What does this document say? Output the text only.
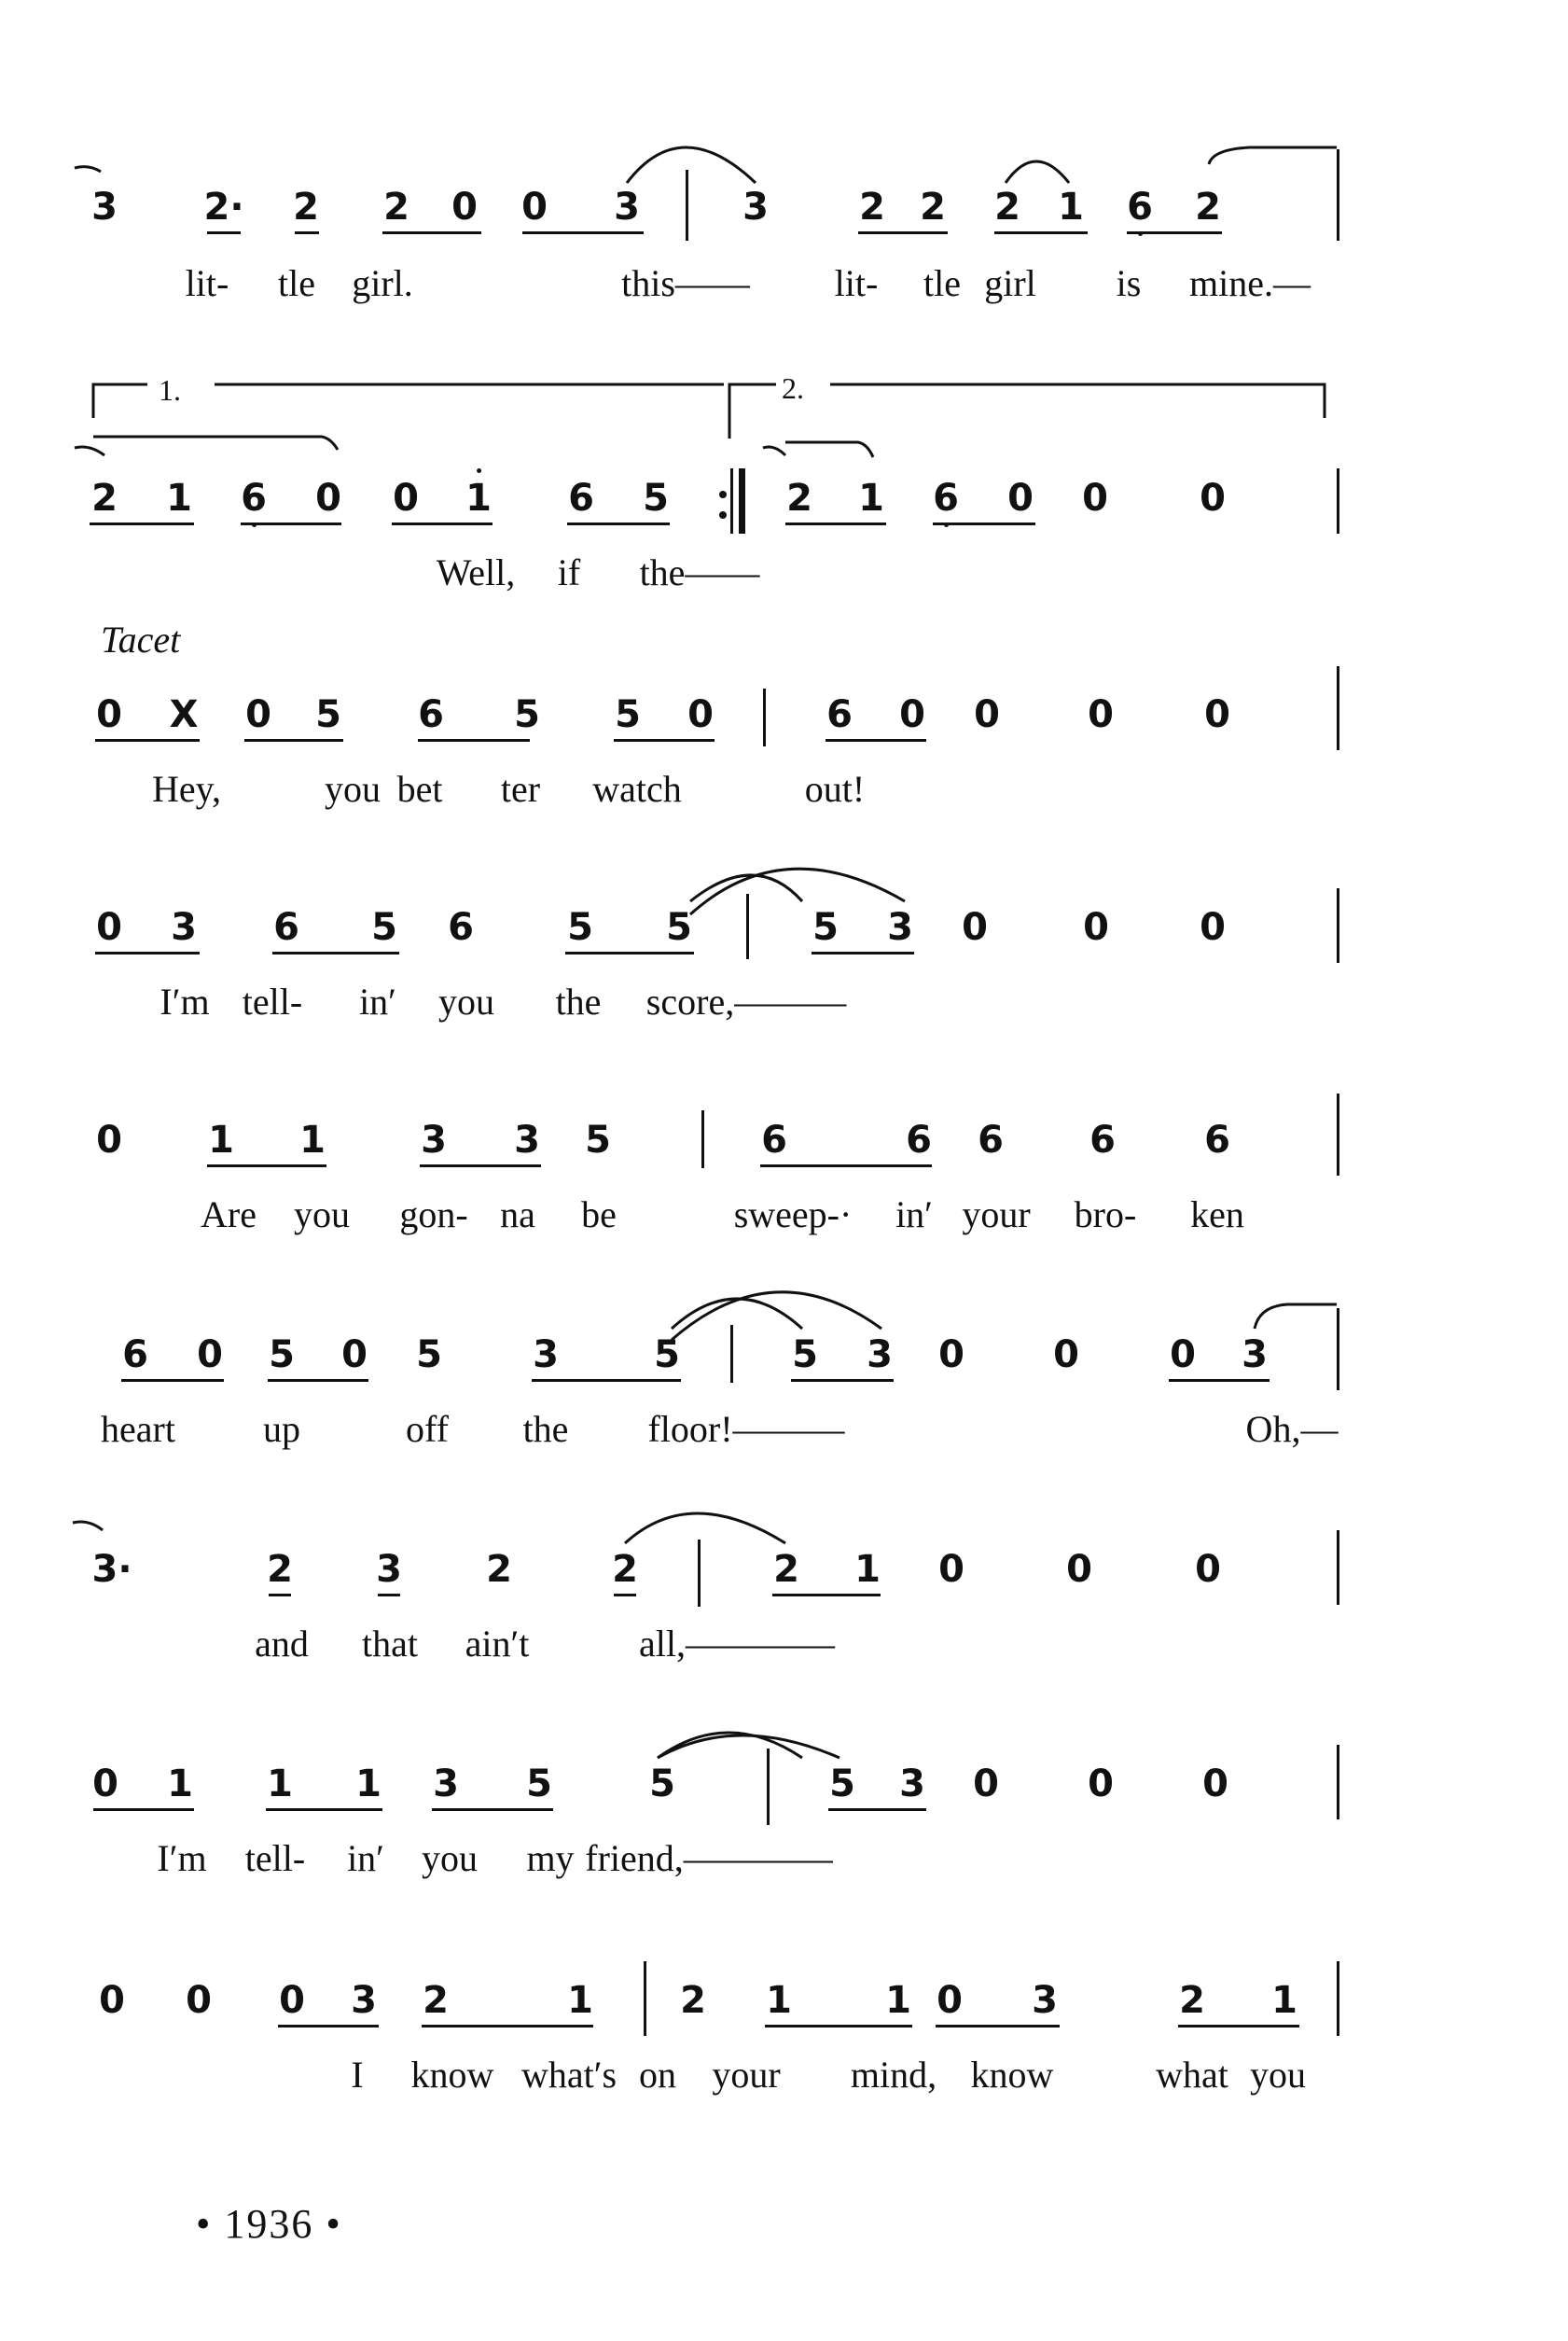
1.	2.
Tacet
• 1936 •
3 2· 2 2 0 0 3	3 2 2 2 1 6 2
lit- tle girl.	this—— lit- tle girl is mine.—
2 1 6 0 0 1 6 5	2 1 6 0 0 0
Well, if the——
0 X 0 5 6 5 5 0	6 0 0 0 0
Hey,	you bet ter watch	out!
0 3 6 5 6	5 5	5 3 0	0 0
I′m tell- in′ you the score,———
0 1 1	3 3 5	6	6 6 6 6
Are you gon- na be	sweep-· in′ your bro- ken
6 0 5 0 5 3	5	5 3 0 0 0 3
heart up	off the floor!———	Oh,—
3·	2 3 2	2	2 1 0	0	0
and that ain′t	all,————
0 1 1 1 3 5	5	5 3 0 0 0
I′m tell- in′ you my friend,————
0 0 0 3 2	1 2 1	1 0 3	2 1
I know what′s on your mind, know	what you
